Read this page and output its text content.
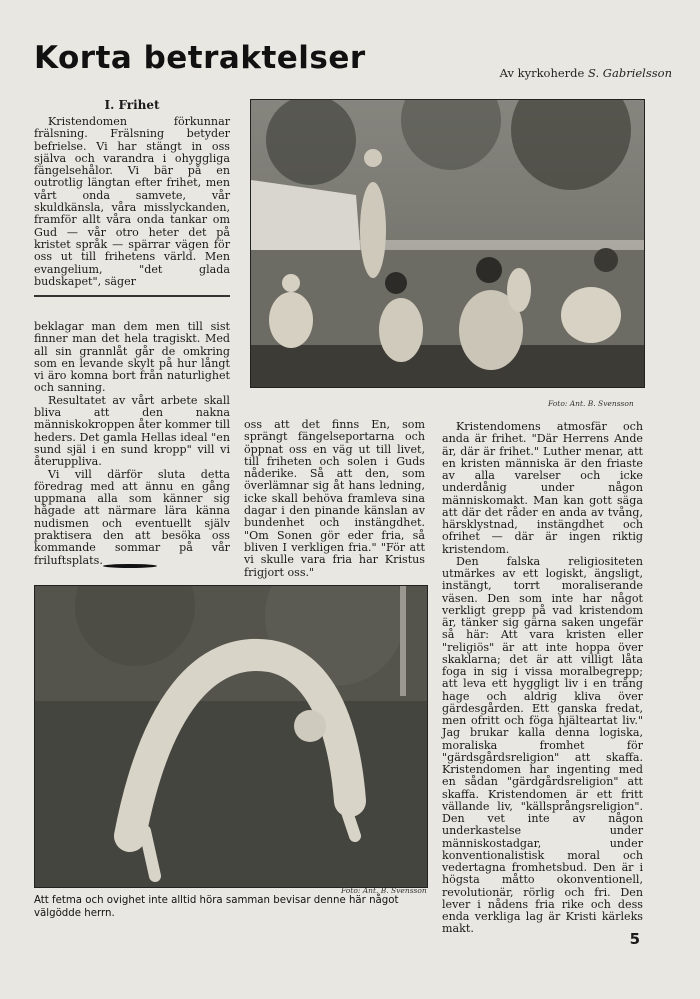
Korta betraktelser	Av kyrkoherde S. Gabrielsson
I. Frihet

Kristendomen förkunnar frälsning. Frälsning betyder befrielse. Vi har stängt in oss själva och varandra i ohyggliga fängelsehålor. Vi bär på en outrotlig längtan efter frihet, men vårt onda samvete, vår skuldkänsla, våra misslyckanden, framför allt våra onda tankar om Gud — vår otro heter det på kristet språk — spärrar vägen för oss ut till frihetens värld. Men evangelium, "det glada budskapet", säger

Foto: Ant. B. Svensson

beklagar man dem men till sist finner man det hela tragiskt. Med all sin grannlåt går de omkring som en levande skylt på hur långt vi äro komna bort från naturlighet och sanning.

Resultatet av vårt arbete skall bliva att den nakna människokroppen åter kommer till heders. Det gamla Hellas ideal "en sund själ i en sund kropp" vill vi återuppliva.

Vi vill därför sluta detta föredrag med att ännu en gång uppmana alla som känner sig hågade att närmare lära känna nudismen och eventuellt själv praktisera den att besöka oss kommande sommar på vår friluftsplats.

oss att det finns En, som sprängt fängelseportarna och öppnat oss en väg ut till livet, till friheten och solen i Guds nåderike. Så att den, som överlämnar sig åt hans ledning, icke skall behöva framleva sina dagar i den pinande känslan av bundenhet och instängdhet. "Om Sonen gör eder fria, så bliven I verkligen fria." "För att vi skulle vara fria har Kristus frigjort oss."

Kristendomens atmosfär och anda är frihet. "Där Herrens Ande är, där är frihet." Luther menar, att en kristen människa är den friaste av alla varelser och icke underdånig under någon människomakt. Man kan gott säga att där det råder en anda av tvång, härsklystnad, instängdhet och ofrihet — där är ingen riktig kristendom.

Den falska religiositeten utmärkes av ett logiskt, ängsligt, instängt, torrt moraliserande väsen. Den som inte har något verkligt grepp på vad kristendom är, tänker sig gärna saken ungefär så här: Att vara kristen eller "religiös" är att inte hoppa över skaklarna; det är att villigt låta foga in sig i vissa moralbegrepp; att leva ett hyggligt liv i en trång hage och aldrig kliva över gärdesgården. Ett ganska fredat, men ofritt och föga hjältеartat liv." Jag brukar kalla denna logiska, moraliska fromhet för "gärdsgårdsreligion" att skaffa. Kristendomen har ingenting med en sådan "gärdgårdsreligion" att skaffa. Kristendomen är ett fritt vällande liv, "källsprångsreligion". Den vet inte av någon underkastelse under människostadgar, under konventionalistisk moral och vedertagna fromhetsbud. Den är i högsta måtto okonventionell, revolutionär, rörlig och fri. Den lever i nådens fria rike och dess enda verkliga lag är Kristi kärleks makt.

Foto: Ant. B. Svensson
Att fetma och ovighet inte alltid höra samman bevisar denne här något välgödde herrn.
5
